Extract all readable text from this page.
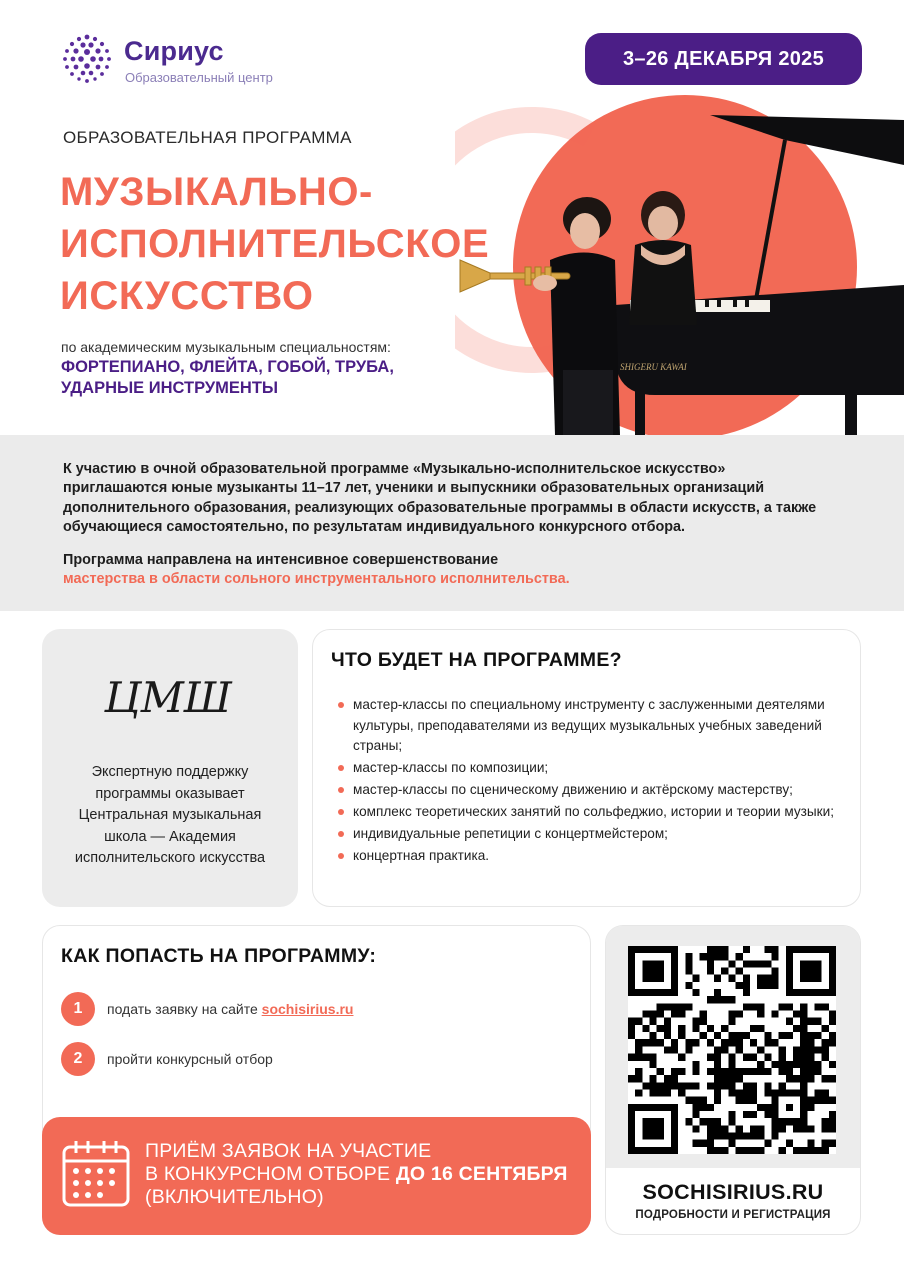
Сириус
Образовательный центр
3–26 ДЕКАБРЯ 2025
ОБРАЗОВАТЕЛЬНАЯ ПРОГРАММА
МУЗЫКАЛЬНО-
ИСПОЛНИТЕЛЬСКОЕ
ИСКУССТВО
по академическим музыкальным специальностям:
ФОРТЕПИАНО, ФЛЕЙТА, ГОБОЙ, ТРУБА, УДАРНЫЕ ИНСТРУМЕНТЫ
SHIGERU KAWAI

К участию в очной образовательной программе «Музыкально-исполнительское искусство» приглашаются юные музыканты 11–17 лет, ученики и выпускники образовательных организаций дополнительного образования, реализующих образовательные программы в области искусств, а также обучающиеся самостоятельно, по результатам индивидуального конкурсного отбора.

Программа направлена на интенсивное совершенствование
мастерства в области сольного инструментального исполнительства.

ЦМШ
Экспертную поддержку программы оказывает Центральная музыкальная школа — Академия исполнительского искусства
ЧТО БУДЕТ НА ПРОГРАММЕ?
мастер-классы по специальному инструменту с заслуженными деятелями культуры, преподавателями из ведущих музыкальных учебных заведений страны;
мастер-классы по композиции;
мастер-классы по сценическому движению и актёрскому мастерству;
комплекс теоретических занятий по сольфеджио, истории и теории музыки;
индивидуальные репетиции с концертмейстером;
концертная практика.
КАК ПОПАСТЬ НА ПРОГРАММУ:
1	подать заявку на сайте sochisirius.ru
2	пройти конкурсный отбор
ПРИЁМ ЗАЯВОК НА УЧАСТИЕ
В КОНКУРСНОМ ОТБОРЕ ДО 16 СЕНТЯБРЯ
(ВКЛЮЧИТЕЛЬНО)	SOCHISIRIUS.RU
ПОДРОБНОСТИ И РЕГИСТРАЦИЯ
